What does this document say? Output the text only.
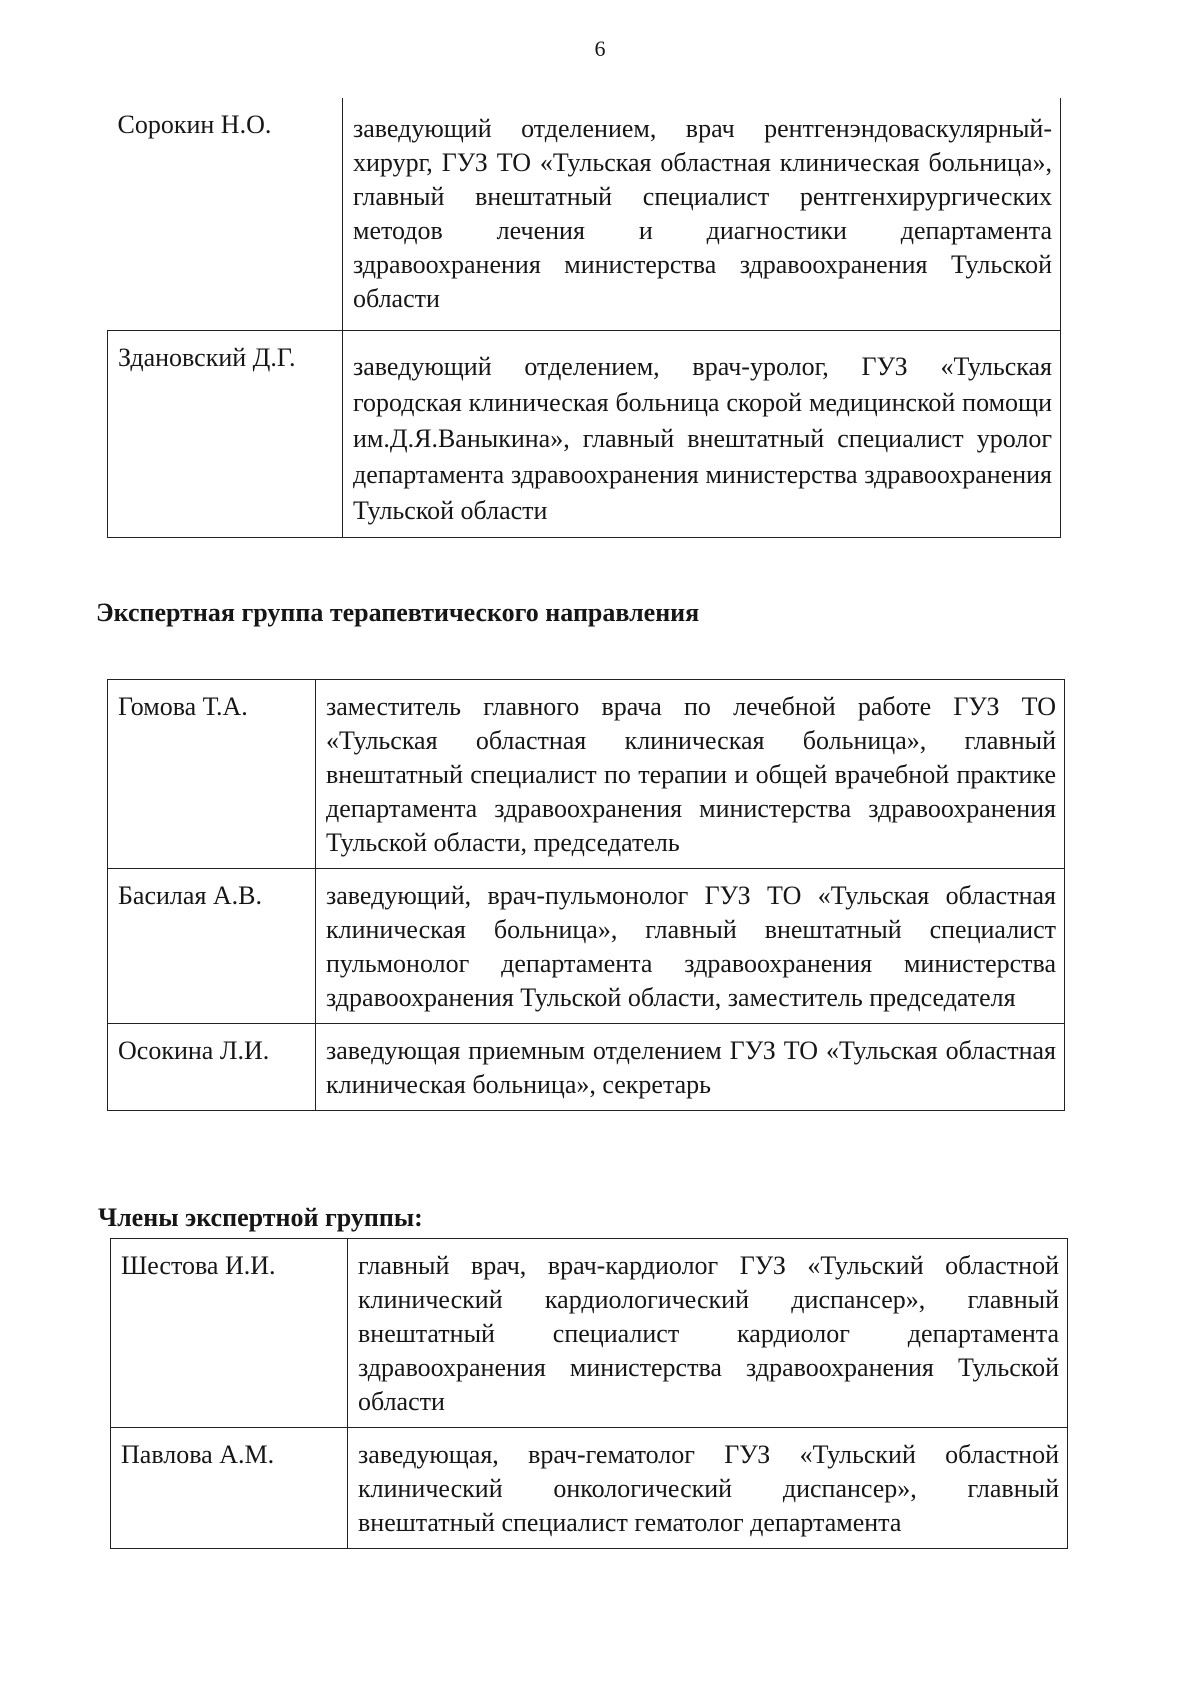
6
Сорокин Н.О.	заведующий отделением, врач рентгенэндоваскулярный-хирург, ГУЗ ТО «Тульская областная клиническая больница», главный внештатный специалист рентгенхирургических методов лечения и диагностики департамента здравоохранения министерства здравоохранения Тульской области
Здановский Д.Г.	заведующий отделением, врач-уролог, ГУЗ «Тульская городская клиническая больница скорой медицинской помощи им.Д.Я.Ваныкина», главный внештатный специалист уролог департамента здравоохранения министерства здравоохранения Тульской области
Экспертная группа терапевтического направления
Гомова Т.А.	заместитель главного врача по лечебной работе ГУЗ ТО «Тульская областная клиническая больница», главный внештатный специалист по терапии и общей врачебной практике департамента здравоохранения министерства здравоохранения Тульской области, председатель
Басилая А.В.	заведующий, врач-пульмонолог ГУЗ ТО «Тульская областная клиническая больница», главный внештатный специалист пульмонолог департамента здравоохранения министерства здравоохранения Тульской области, заместитель председателя
Осокина Л.И.	заведующая приемным отделением ГУЗ ТО «Тульская областная клиническая больница», секретарь
Члены экспертной группы:
Шестова И.И.	главный врач, врач-кардиолог ГУЗ «Тульский областной клинический кардиологический диспансер», главный внештатный специалист кардиолог департамента здравоохранения министерства здравоохранения Тульской области
Павлова А.М.	заведующая, врач-гематолог ГУЗ «Тульский областной клинический онкологический диспансер», главный внештатный специалист гематолог департамента
